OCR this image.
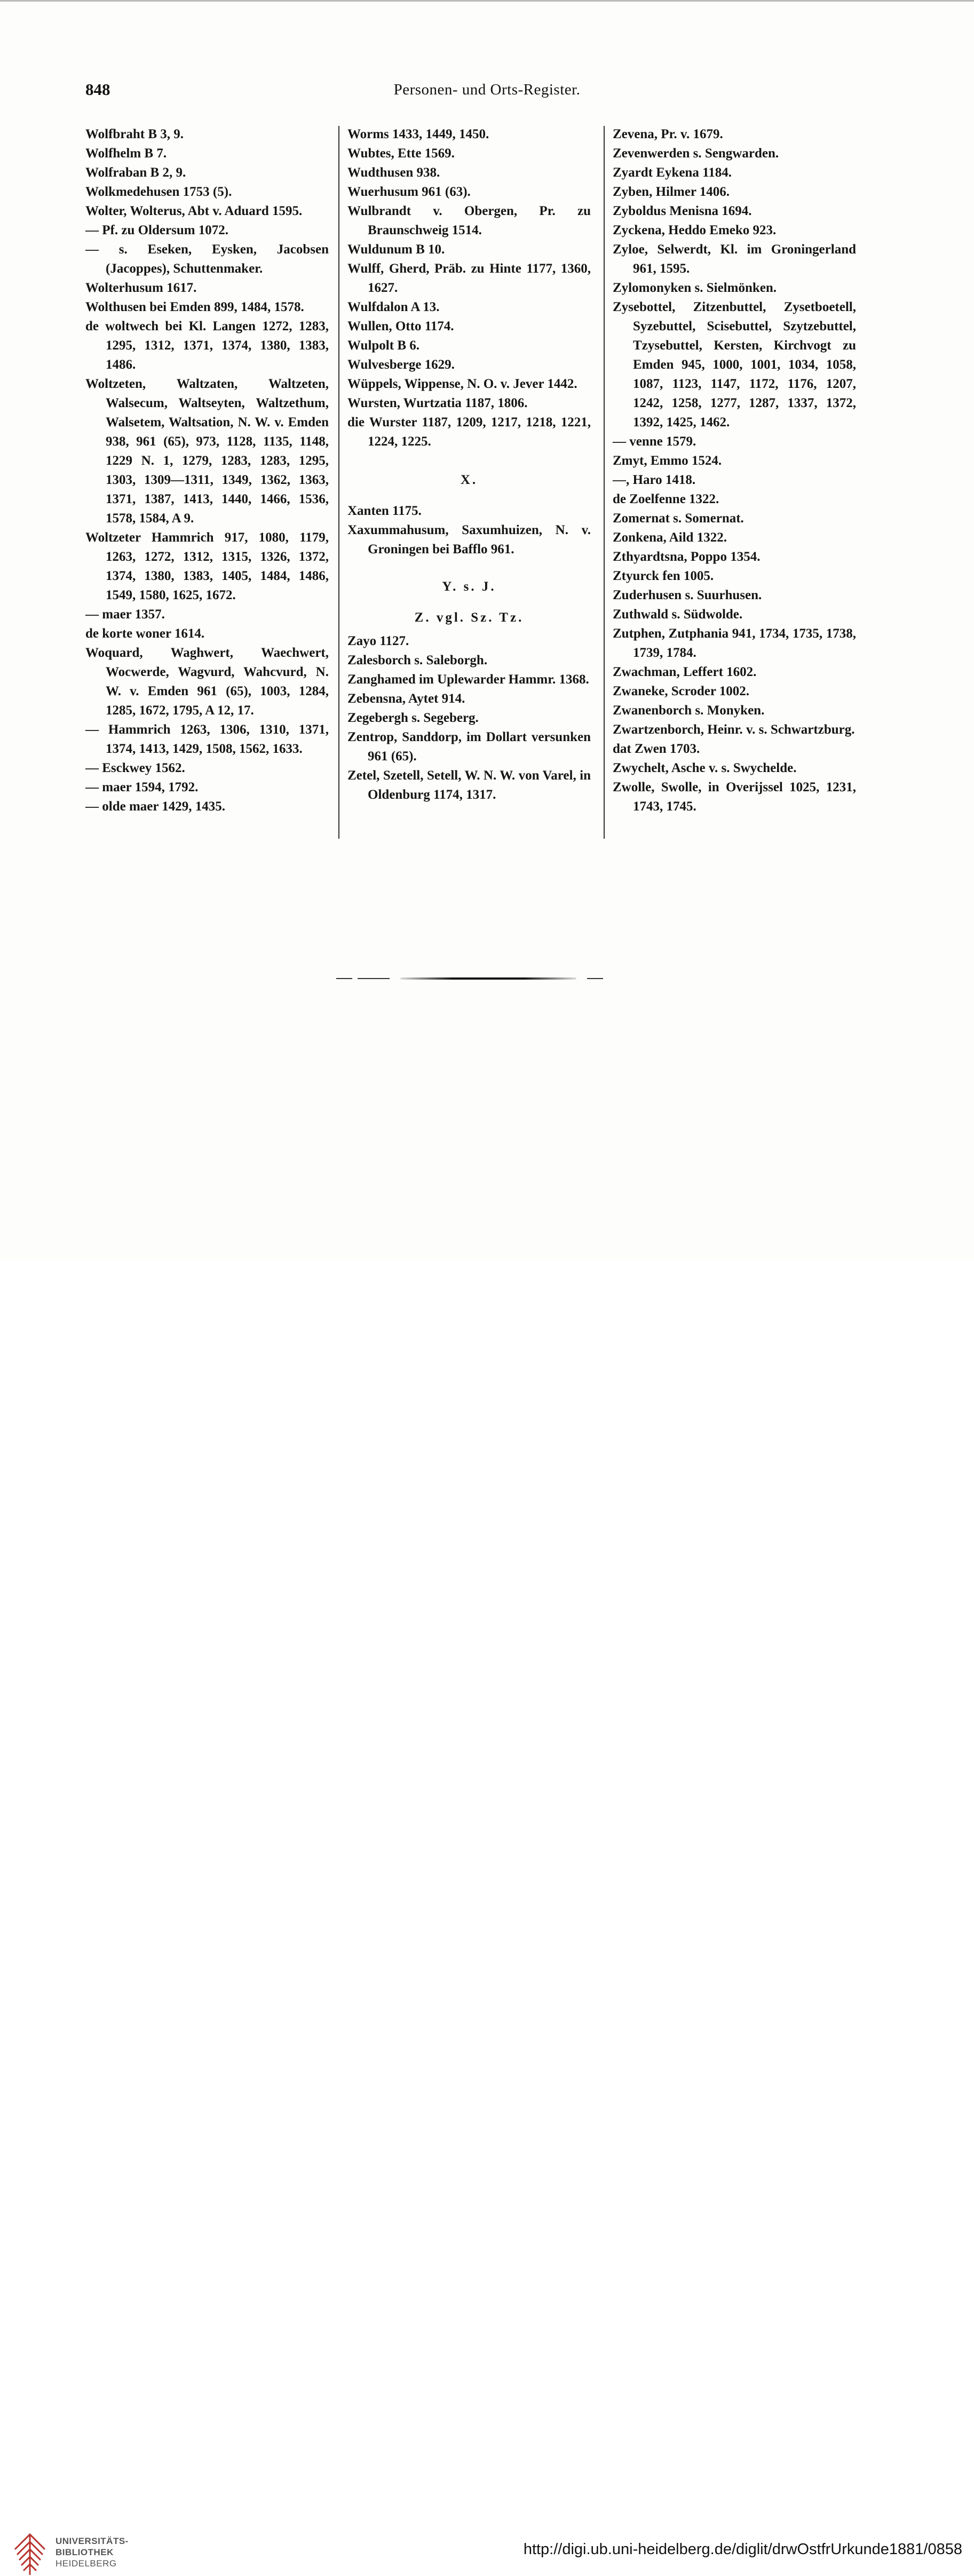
848	Personen- und Orts-Register.

Wolfbraht B 3, 9.

Wolfhelm B 7.

Wolfraban B 2, 9.

Wolkmedehusen 1753 (5).

Wolter, Wolterus, Abt v. Aduard 1595.

— Pf. zu Oldersum 1072.

— s. Eseken, Eysken, Jacobsen (Jacoppes), Schuttenmaker.

Wolterhusum 1617.

Wolthusen bei Emden 899, 1484, 1578.

de woltwech bei Kl. Langen 1272, 1283, 1295, 1312, 1371, 1374, 1380, 1383, 1486.

Woltzeten, Waltzaten, Waltzeten, Walsecum, Waltseyten, Waltzethum, Walsetem, Waltsation, N. W. v. Emden 938, 961 (65), 973, 1128, 1135, 1148, 1229 N. 1, 1279, 1283, 1283, 1295, 1303, 1309—1311, 1349, 1362, 1363, 1371, 1387, 1413, 1440, 1466, 1536, 1578, 1584, A 9.

Woltzeter Hammrich 917, 1080, 1179, 1263, 1272, 1312, 1315, 1326, 1372, 1374, 1380, 1383, 1405, 1484, 1486, 1549, 1580, 1625, 1672.

— maer 1357.

de korte woner 1614.

Woquard, Waghwert, Waechwert, Wocwerde, Wagvurd, Wahcvurd, N. W. v. Emden 961 (65), 1003, 1284, 1285, 1672, 1795, A 12, 17.

— Hammrich 1263, 1306, 1310, 1371, 1374, 1413, 1429, 1508, 1562, 1633.

— Esckwey 1562.

— maer 1594, 1792.

— olde maer 1429, 1435.

Worms 1433, 1449, 1450.

Wubtes, Ette 1569.

Wudthusen 938.

Wuerhusum 961 (63).

Wulbrandt v. Obergen, Pr. zu Braunschweig 1514.

Wuldunum B 10.

Wulff, Gherd, Präb. zu Hinte 1177, 1360, 1627.

Wulfdalon A 13.

Wullen, Otto 1174.

Wulpolt B 6.

Wulvesberge 1629.

Wüppels, Wippense, N. O. v. Jever 1442.

Wursten, Wurtzatia 1187, 1806.

die Wurster 1187, 1209, 1217, 1218, 1221, 1224, 1225.

X.

Xanten 1175.

Xaxummahusum, Saxumhuizen, N. v. Groningen bei Bafflo 961.

Y. s. J.
Z. vgl. Sz. Tz.

Zayo 1127.

Zalesborch s. Saleborgh.

Zanghamed im Uplewarder Hammr. 1368.

Zebensna, Aytet 914.

Zegebergh s. Segeberg.

Zentrop, Sanddorp, im Dollart versunken 961 (65).

Zetel, Szetell, Setell, W. N. W. von Varel, in Oldenburg 1174, 1317.

Zevena, Pr. v. 1679.

Zevenwerden s. Sengwarden.

Zyardt Eykena 1184.

Zyben, Hilmer 1406.

Zyboldus Menisna 1694.

Zyckena, Heddo Emeko 923.

Zyloe, Selwerdt, Kl. im Groningerland 961, 1595.

Zylomonyken s. Sielmönken.

Zysebottel, Zitzenbuttel, Zysetboetell, Syzebuttel, Scisebuttel, Szytzebuttel, Tzysebuttel, Kersten, Kirchvogt zu Emden 945, 1000, 1001, 1034, 1058, 1087, 1123, 1147, 1172, 1176, 1207, 1242, 1258, 1277, 1287, 1337, 1372, 1392, 1425, 1462.

— venne 1579.

Zmyt, Emmo 1524.

—, Haro 1418.

de Zoelfenne 1322.

Zomernat s. Somernat.

Zonkena, Aild 1322.

Zthyardtsna, Poppo 1354.

Ztyurck fen 1005.

Zuderhusen s. Suurhusen.

Zuthwald s. Südwolde.

Zutphen, Zutphania 941, 1734, 1735, 1738, 1739, 1784.

Zwachman, Leffert 1602.

Zwaneke, Scroder 1002.

Zwanenborch s. Monyken.

Zwartzenborch, Heinr. v. s. Schwartzburg.

dat Zwen 1703.

Zwychelt, Asche v. s. Swychelde.

Zwolle, Swolle, in Overijssel 1025, 1231, 1743, 1745.

UNIVERSITÄTS-
BIBLIOTHEK
HEIDELBERG
http://digi.ub.uni-heidelberg.de/diglit/drwOstfrUrkunde1881/0858
